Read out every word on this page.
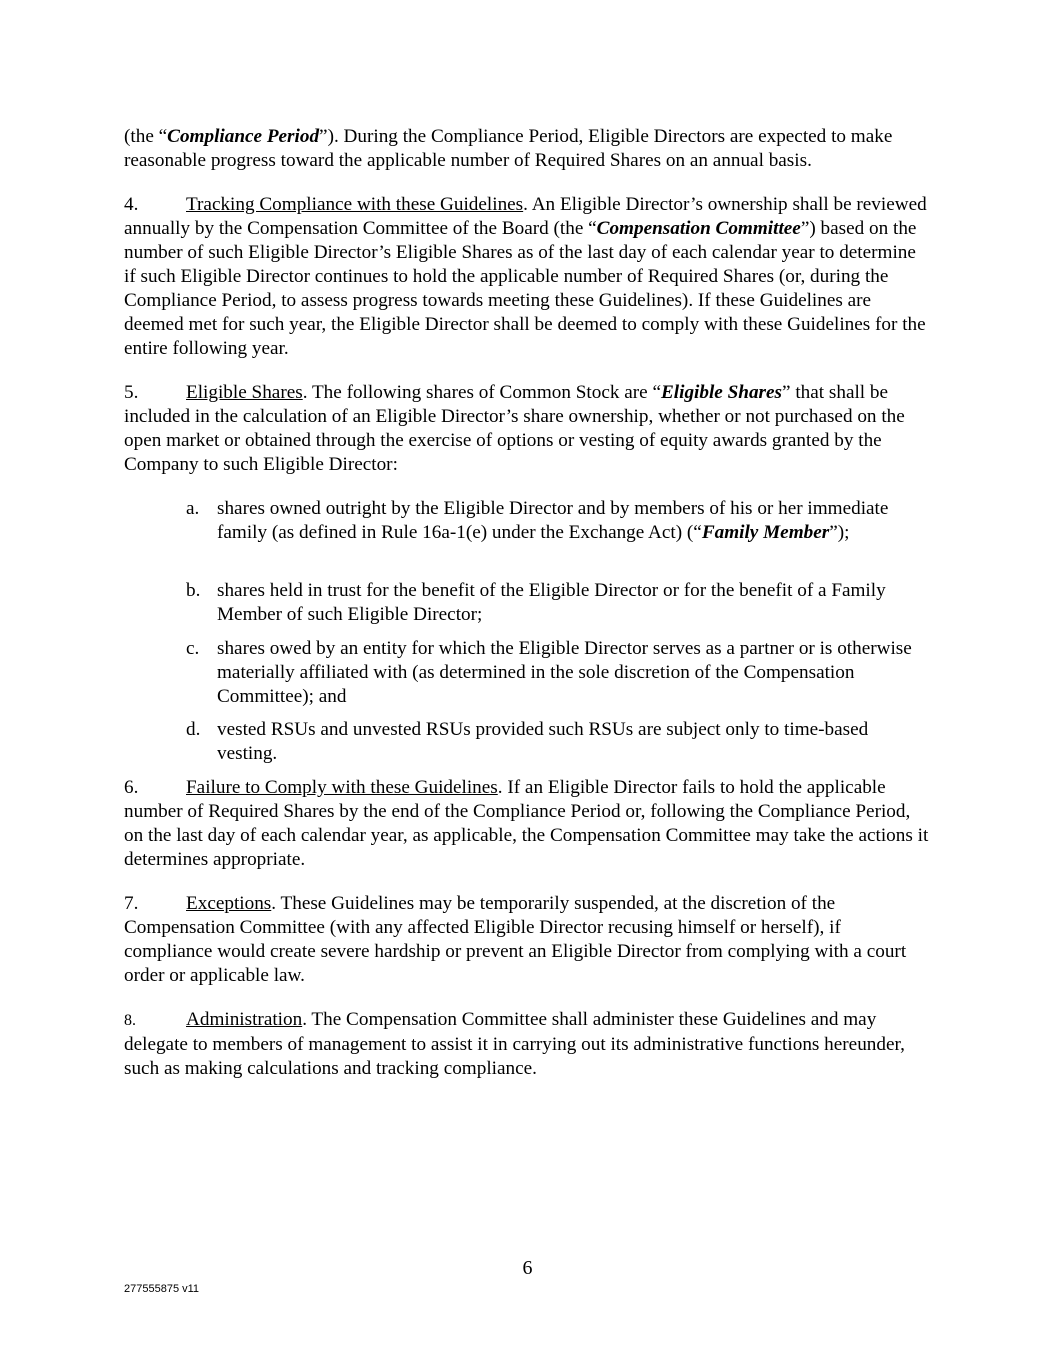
(the “Compliance Period”). During the Compliance Period, Eligible Directors are expected to make reasonable progress toward the applicable number of Required Shares on an annual basis.

4. Tracking Compliance with these Guidelines. An Eligible Director’s ownership shall be reviewed annually by the Compensation Committee of the Board (the “Compensation Committee”) based on the number of such Eligible Director’s Eligible Shares as of the last day of each calendar year to determine if such Eligible Director continues to hold the applicable number of Required Shares (or, during the Compliance Period, to assess progress towards meeting these Guidelines). If these Guidelines are deemed met for such year, the Eligible Director shall be deemed to comply with these Guidelines for the entire following year.

5. Eligible Shares. The following shares of Common Stock are “Eligible Shares” that shall be included in the calculation of an Eligible Director’s share ownership, whether or not purchased on the open market or obtained through the exercise of options or vesting of equity awards granted by the Company to such Eligible Director:

a. shares owned outright by the Eligible Director and by members of his or her immediate family (as defined in Rule 16a-1(e) under the Exchange Act) (“Family Member”);
b. shares held in trust for the benefit of the Eligible Director or for the benefit of a Family Member of such Eligible Director;
c. shares owed by an entity for which the Eligible Director serves as a partner or is otherwise materially affiliated with (as determined in the sole discretion of the Compensation Committee); and
d. vested RSUs and unvested RSUs provided such RSUs are subject only to time-based vesting.

6. Failure to Comply with these Guidelines. If an Eligible Director fails to hold the applicable number of Required Shares by the end of the Compliance Period or, following the Compliance Period, on the last day of each calendar year, as applicable, the Compensation Committee may take the actions it determines appropriate.

7. Exceptions. These Guidelines may be temporarily suspended, at the discretion of the Compensation Committee (with any affected Eligible Director recusing himself or herself), if compliance would create severe hardship or prevent an Eligible Director from complying with a court order or applicable law.

8.	Administration. The Compensation Committee shall administer these Guidelines and may delegate to members of management to assist it in carrying out its administrative functions hereunder, such as making calculations and tracking compliance.

6
277555875 v11
